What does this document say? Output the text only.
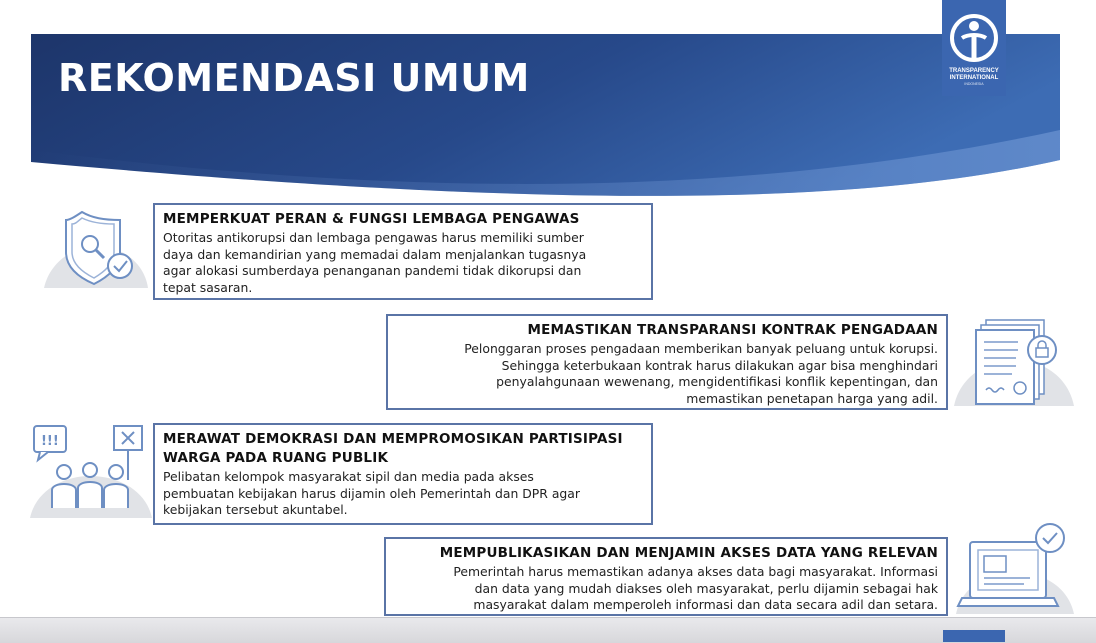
REKOMENDASI UMUM	TRANSPARENCY
INTERNATIONAL
INDONESIA
MEMPERKUAT PERAN & FUNGSI LEMBAGA PENGAWAS

Otoritas antikorupsi dan lembaga pengawas harus memiliki sumber
daya dan kemandirian yang memadai dalam menjalankan tugasnya
agar alokasi sumberdaya penanganan pandemi tidak dikorupsi dan
tepat sasaran.

MEMASTIKAN TRANSPARANSI KONTRAK PENGADAAN

Pelonggaran proses pengadaan memberikan banyak peluang untuk korupsi.
Sehingga keterbukaan kontrak harus dilakukan agar bisa menghindari
penyalahgunaan wewenang, mengidentifikasi konflik kepentingan, dan
memastikan penetapan harga yang adil.

!!!	MERAWAT DEMOKRASI DAN MEMPROMOSIKAN PARTISIPASI
WARGA PADA RUANG PUBLIK

Pelibatan kelompok masyarakat sipil dan media pada akses
pembuatan kebijakan harus dijamin oleh Pemerintah dan DPR agar
kebijakan tersebut akuntabel.

MEMPUBLIKASIKAN DAN MENJAMIN AKSES DATA YANG RELEVAN

Pemerintah harus memastikan adanya akses data bagi masyarakat. Informasi
dan data yang mudah diakses oleh masyarakat, perlu dijamin sebagai hak
masyarakat dalam memperoleh informasi dan data secara adil dan setara.
